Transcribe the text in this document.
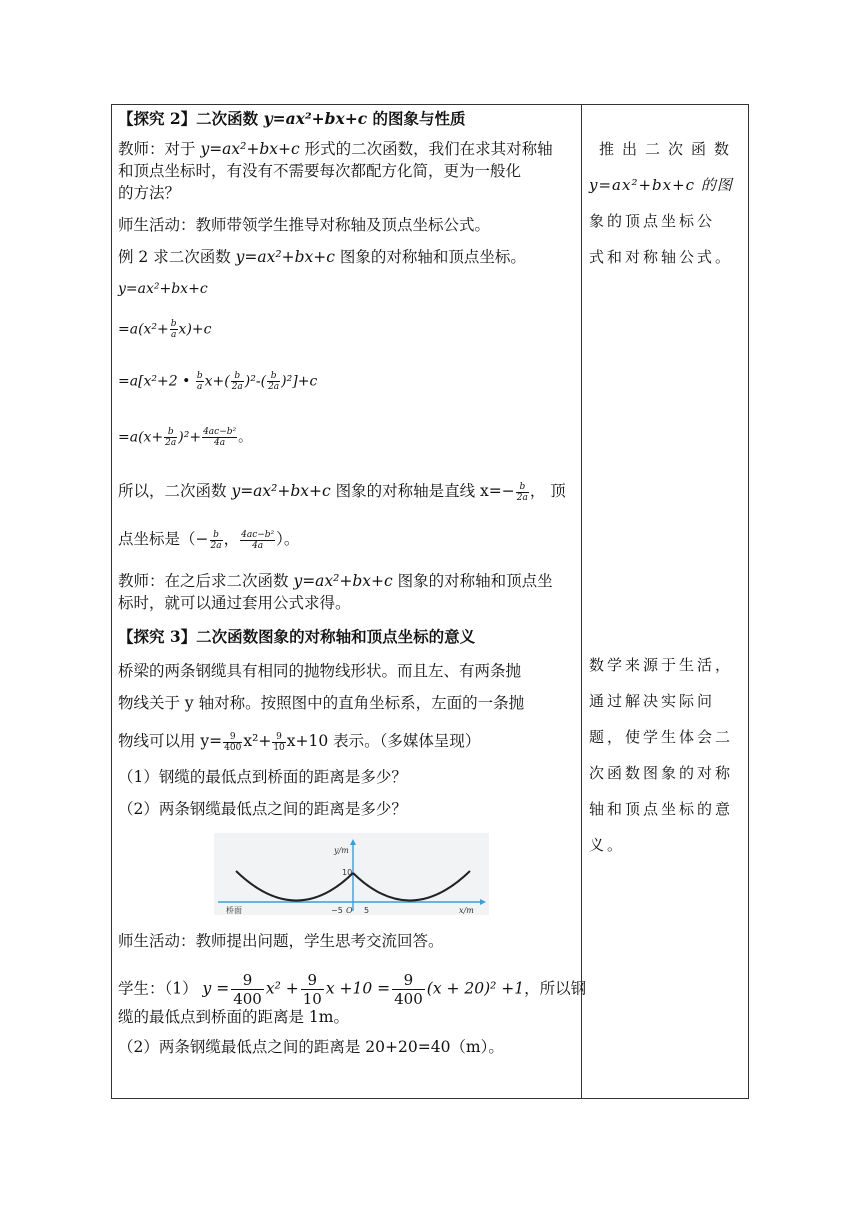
【探究 2】二次函数 y=ax²+bx+c 的图象与性质
教师：对于 y=ax²+bx+c 形式的二次函数，我们在求其对称轴
和顶点坐标时，有没有不需要每次都配方化简，更为一般化
的方法？
师生活动：教师带领学生推导对称轴及顶点坐标公式。
例 2 求二次函数 y=ax²+bx+c 图象的对称轴和顶点坐标。
y=ax²+bx+c
$=a(x^2+ \frac{b}{a} x)+c$
=a[x²+2 • $\frac{b}{a} x+( \frac{b}{2a} )^2-( \frac{b}{2a} )^2]+c$
$=a(x+ \frac{b}{2a} )^2+ \frac{\text{4ac−b²}}{4a}$ 。
所以，二次函数 y=ax²+bx+c 图象的对称轴是直线 $x=- \frac{b}{2a}$ ， 顶
点坐标是（− $\frac{b}{2a}$ ， $\frac{\text{4ac−b²}}{4a}$ ）。
教师：在之后求二次函数 y=ax²+bx+c 图象的对称轴和顶点坐
标时，就可以通过套用公式求得。
【探究 3】二次函数图象的对称轴和顶点坐标的意义
桥梁的两条钢缆具有相同的抛物线形状。而且左、有两条抛
物线关于 y 轴对称。按照图中的直角坐标系，左面的一条抛
物线可以用 $y= \frac{9}{400} x^2+ \frac{9}{10} x+10$ 表示。（多媒体呈现）
（1）钢缆的最低点到桥面的距离是多少？
（2）两条钢缆最低点之间的距离是多少？
y/m
x/m
10
−5 O 5
桥面
师生活动：教师提出问题，学生思考交流回答。
学生：（1） $y = \frac{9}{400} x^2 + \frac{9}{10}$ $x +10 = \frac{9}{400} (x + 20)^2 +1$，所以钢
缆的最低点到桥面的距离是 1m。
（2）两条钢缆最低点之间的距离是 20+20=40（m）。
推出二次函数
y=ax²+bx+c 的图
象的顶点坐标公
式和对称轴公式。
数学来源于生活，
通过解决实际问
题，使学生体会二
次函数图象的对称
轴和顶点坐标的意
义。
